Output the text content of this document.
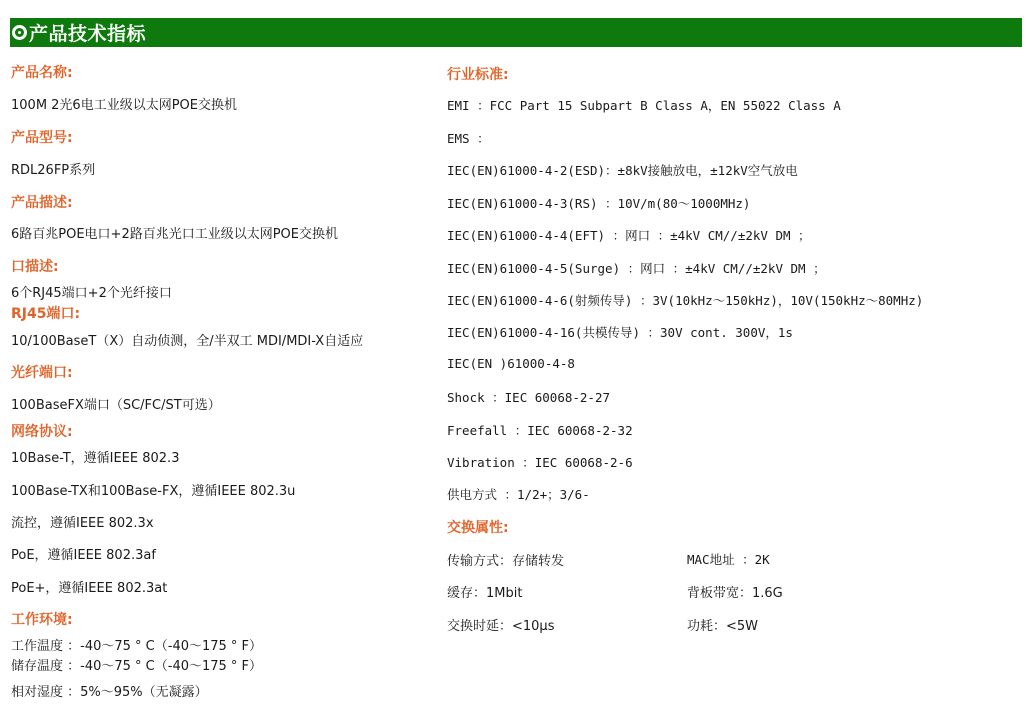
产品技术指标
产品名称:
100M 2光6电工业级以太网POE交换机
产品型号:
RDL26FP系列
产品描述:
6路百兆POE电口+2路百兆光口工业级以太网POE交换机
口描述:
6个RJ45端口+2个光纤接口
RJ45端口:
10/100BaseT（X）自动侦测，全/半双工 MDI/MDI-X自适应
光纤端口:
100BaseFX端口（SC/FC/ST可选）
网络协议:
10Base-T，遵循IEEE 802.3
100Base-TX和100Base-FX，遵循IEEE 802.3u
流控，遵循IEEE 802.3x
PoE，遵循IEEE 802.3af
PoE+，遵循IEEE 802.3at
工作环境:
工作温度 ：-40～75 ° C（-40～175 ° F）
储存温度 ：-40～75 ° C（-40～175 ° F）
相对湿度 ：5%～95%（无凝露）
行业标准:
EMI ：FCC Part 15 Subpart B Class A，EN 55022 Class A
EMS ：
IEC(EN)61000-4-2(ESD)：±8kV接触放电，±12kV空气放电
IEC(EN)61000-4-3(RS) ：10V/m(80～1000MHz)
IEC(EN)61000-4-4(EFT) ：网口 ：±4kV CM//±2kV DM ；
IEC(EN)61000-4-5(Surge) ：网口 ：±4kV CM//±2kV DM ；
IEC(EN)61000-4-6(射频传导) ：3V(10kHz～150kHz)，10V(150kHz～80MHz)
IEC(EN)61000-4-16(共模传导) ：30V cont. 300V，1s
IEC(EN )61000-4-8
Shock ：IEC 60068-2-27
Freefall ：IEC 60068-2-32
Vibration ：IEC 60068-2-6
供电方式 ：1/2+；3/6-
交换属性:
传输方式：存储转发	MAC地址 ：2K
缓存：1Mbit	背板带宽：1.6G
交换时延：<10μs	功耗：<5W
